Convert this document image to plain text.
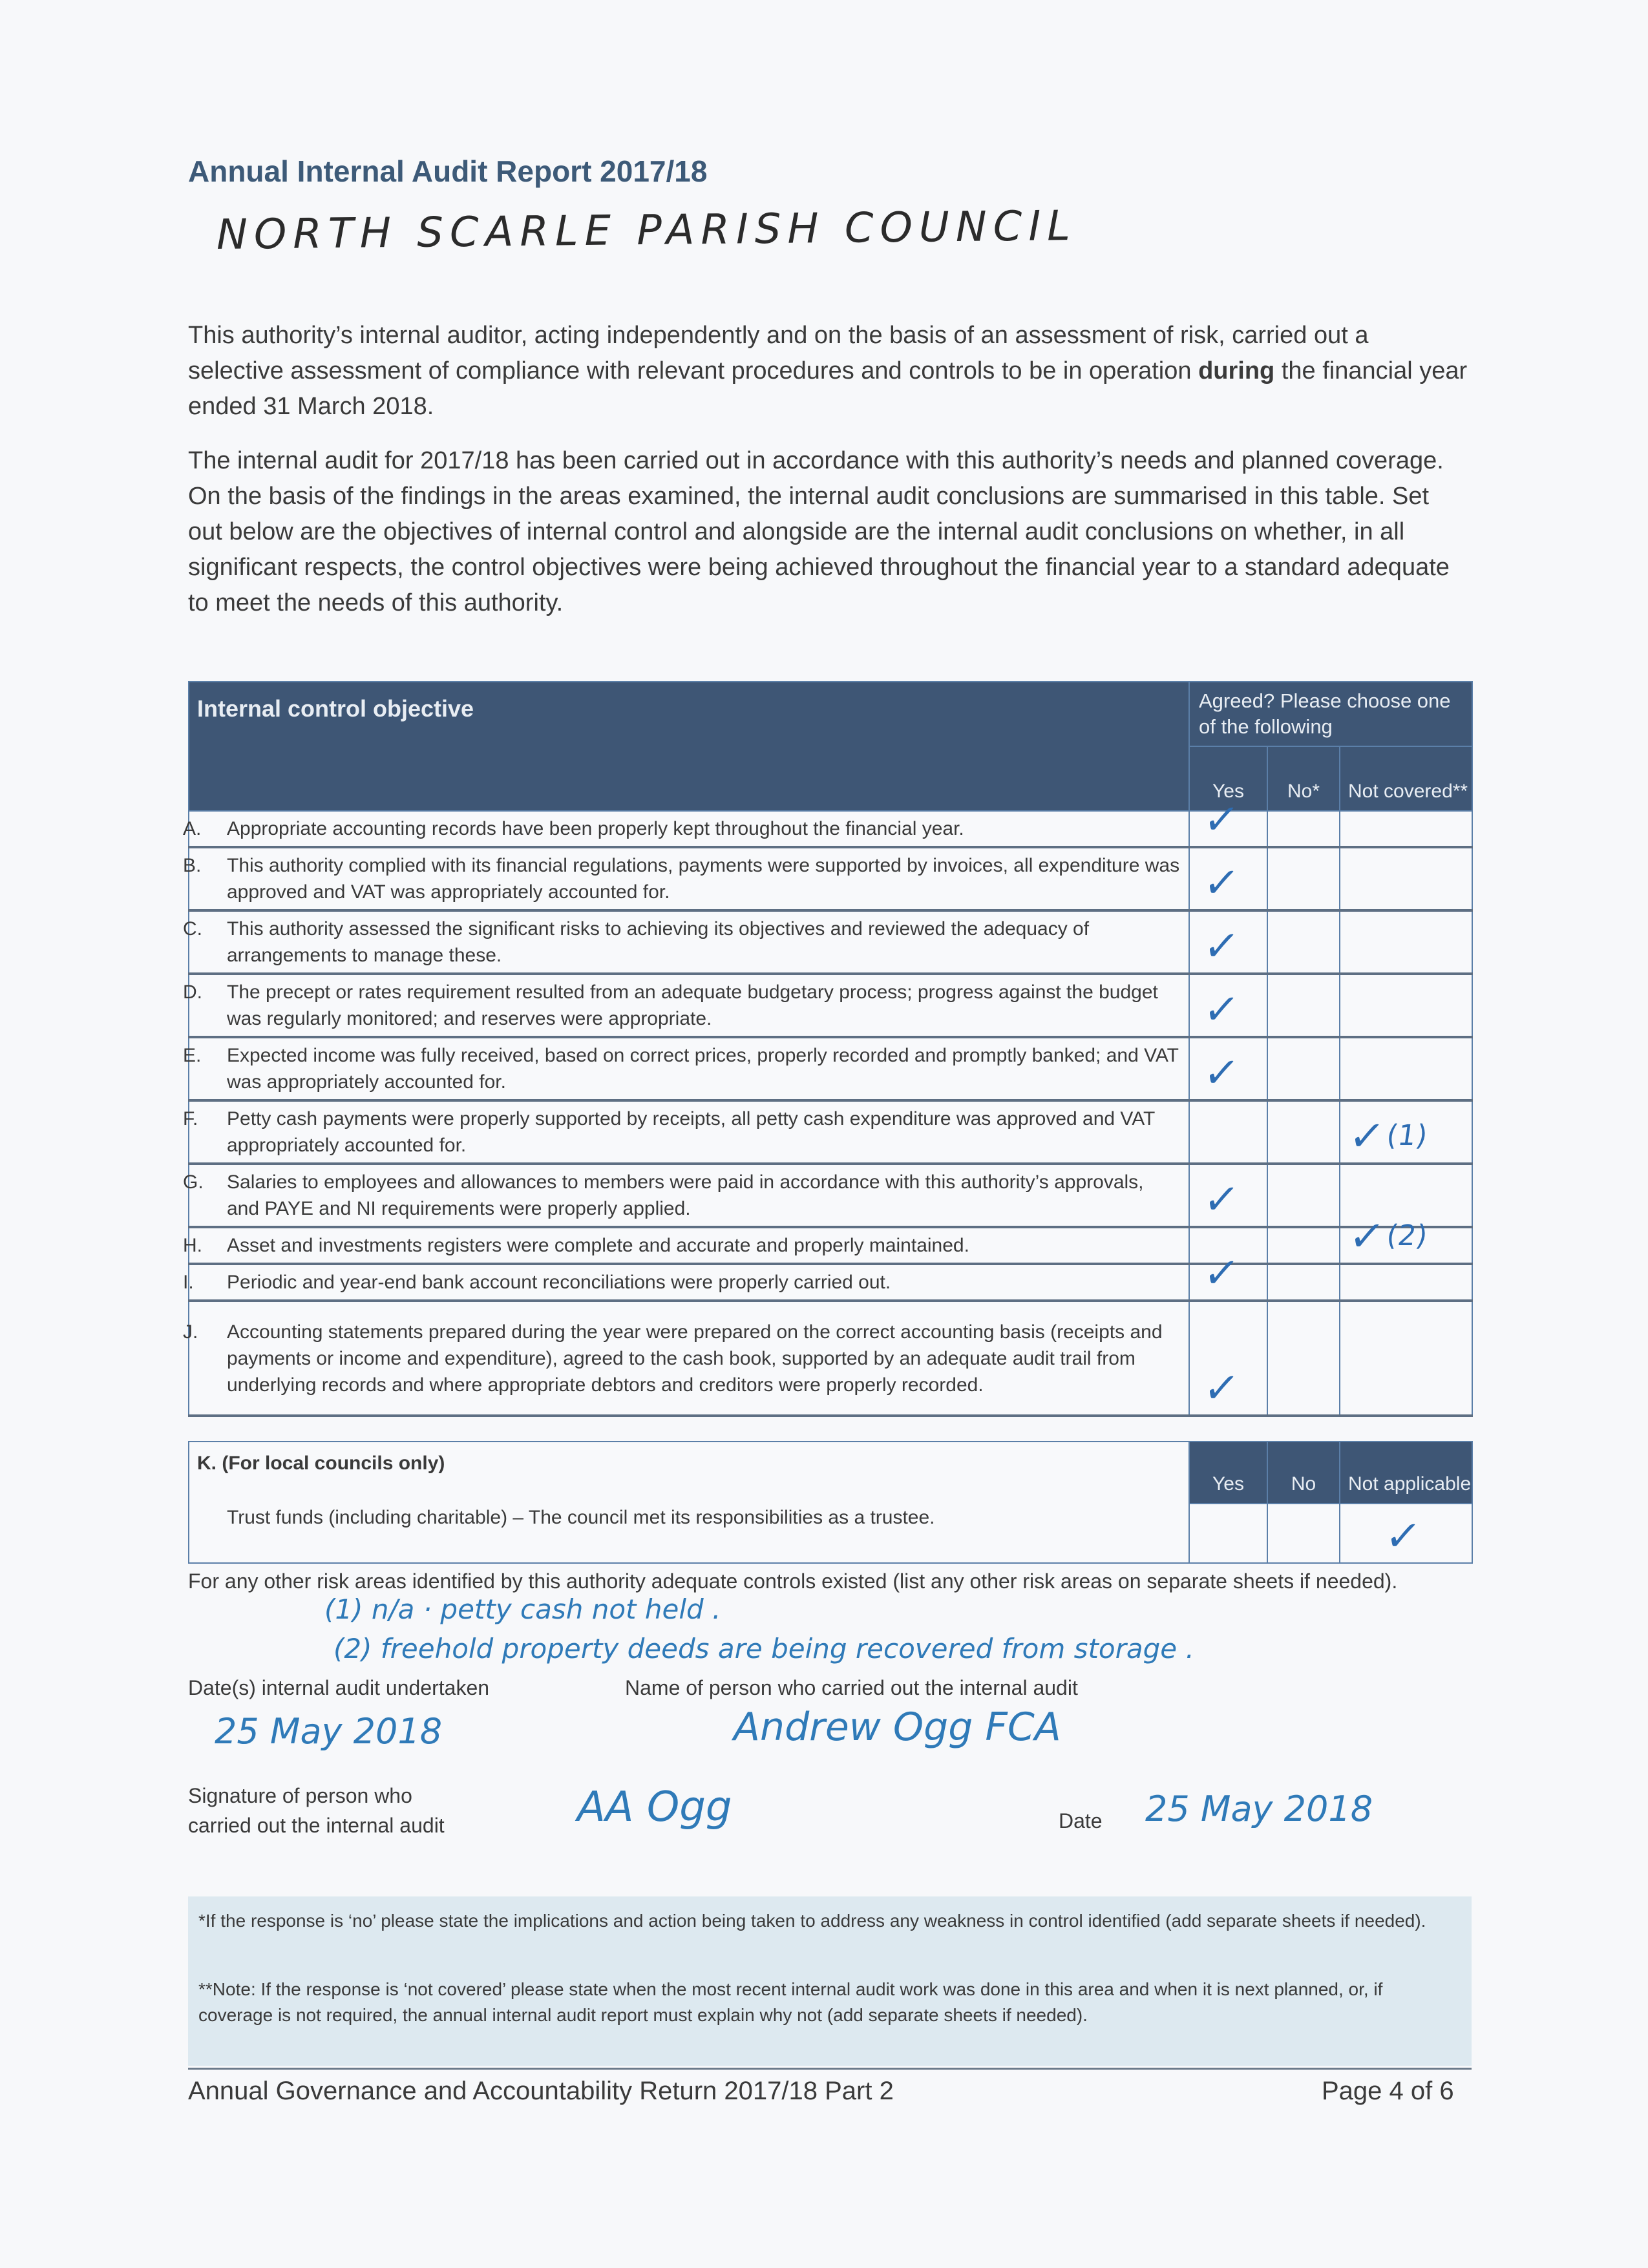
Annual Internal Audit Report 2017/18
NORTH SCARLE PARISH COUNCIL
This authority’s internal auditor, acting independently and on the basis of an assessment of risk, carried out a selective assessment of compliance with relevant procedures and controls to be in operation during the financial year ended 31 March 2018.
The internal audit for 2017/18 has been carried out in accordance with this authority’s needs and planned coverage. On the basis of the findings in the areas examined, the internal audit conclusions are summarised in this table. Set out below are the objectives of internal control and alongside are the internal audit conclusions on whether, in all significant respects, the control objectives were being achieved throughout the financial year to a standard adequate to meet the needs of this authority.
Internal control objective	Agreed? Please choose one of the following		
	Yes	No*	Not covered**

A. Appropriate accounting records have been properly kept throughout the financial year.	✓		

B. This authority complied with its financial regulations, payments were supported by invoices, all expenditure was approved and VAT was appropriately accounted for.	✓		

C. This authority assessed the significant risks to achieving its objectives and reviewed the adequacy of arrangements to manage these.	✓		

D. The precept or rates requirement resulted from an adequate budgetary process; progress against the budget was regularly monitored; and reserves were appropriate.	✓		

E. Expected income was fully received, based on correct prices, properly recorded and promptly banked; and VAT was appropriately accounted for.	✓		

F. Petty cash payments were properly supported by receipts, all petty cash expenditure was approved and VAT appropriately accounted for.			✓(1)

G. Salaries to employees and allowances to members were paid in accordance with this authority’s approvals, and PAYE and NI requirements were properly applied.	✓		

H. Asset and investments registers were complete and accurate and properly maintained.			✓(2)

I. Periodic and year-end bank account reconciliations were properly carried out.	✓		

J. Accounting statements prepared during the year were prepared on the correct accounting basis (receipts and payments or income and expenditure), agreed to the cash book, supported by an adequate audit trail from underlying records and where appropriate debtors and creditors were properly recorded.	✓		

K. (For local councils only)
Trust funds (including charitable) – The council met its responsibilities as a trustee.	Yes	No	Not applicable

			✓
For any other risk areas identified by this authority adequate controls existed (list any other risk areas on separate sheets if needed).
(1) n/a · petty cash not held .
(2) freehold property deeds are being recovered from storage .
Date(s) internal audit undertaken	Name of person who carried out the internal audit
25 May 2018	Andrew Ogg FCA
Signature of person who
carried out the internal audit	AA Ogg	Date 25 May 2018
*If the response is ‘no’ please state the implications and action being taken to address any weakness in control identified (add separate sheets if needed).
**Note: If the response is ‘not covered’ please state when the most recent internal audit work was done in this area and when it is next planned, or, if coverage is not required, the annual internal audit report must explain why not (add separate sheets if needed).
Annual Governance and Accountability Return 2017/18 Part 2	Page 4 of 6
